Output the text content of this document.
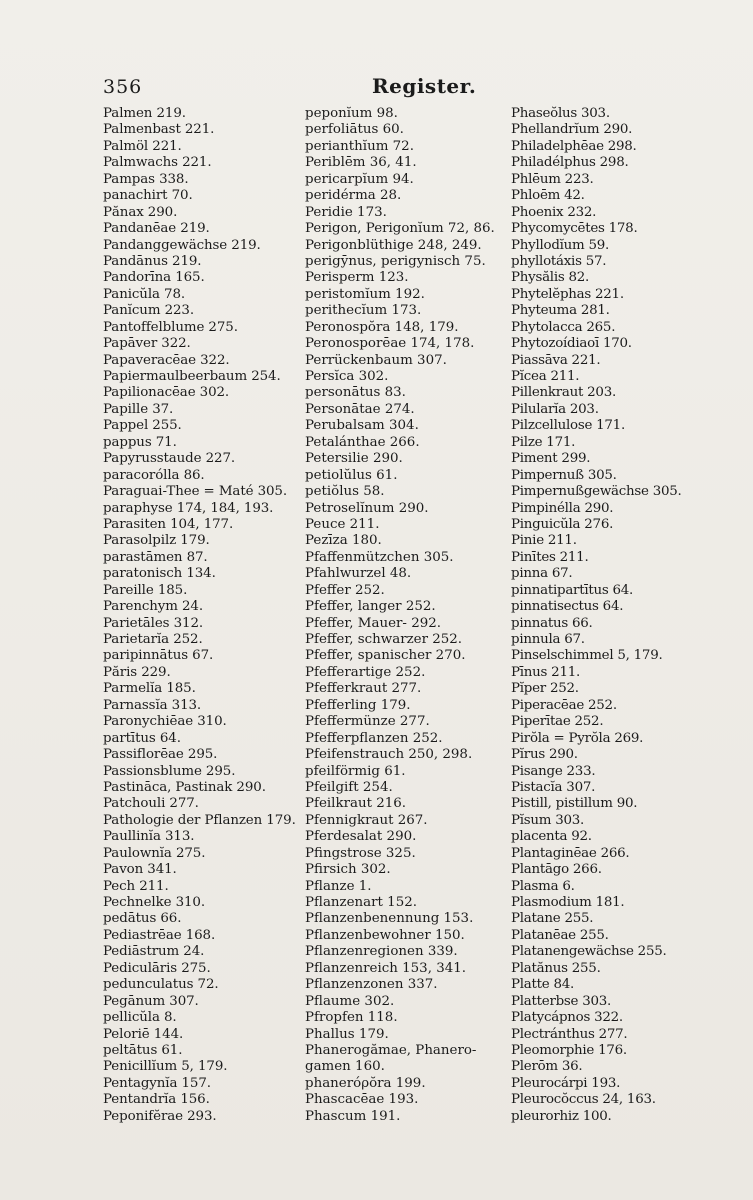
356	Register.
Palmen 219.
Palmenbast 221.
Palmöl 221.
Palmwachs 221.
Pampas 338.
panachirt 70.
Pănax 290.
Pandanēae 219.
Pandanggewächse 219.
Pandānus 219.
Pandorīna 165.
Panicŭla 78.
Panĭcum 223.
Pantoffelblume 275.
Papāver 322.
Papaveracēae 322.
Papiermaulbeerbaum 254.
Papilionacēae 302.
Papille 37.
Pappel 255.
pappus 71.
Papyrusstaude 227.
paracorólla 86.
Paraguai-Thee = Maté 305.
paraphyse 174, 184, 193.
Parasiten 104, 177.
Parasolpilz 179.
parastāmen 87.
paratonisch 134.
Pareille 185.
Parenchym 24.
Parietāles 312.
Parietarĭa 252.
paripinnātus 67.
Păris 229.
Parmelĭa 185.
Parnassĭa 313.
Paronychiēae 310.
partītus 64.
Passiflorēae 295.
Passionsblume 295.
Pastināca, Pastinak 290.
Patchouli 277.
Pathologie der Pflanzen 179.
Paullinĭa 313.
Paulownĭa 275.
Pavon 341.
Pech 211.
Pechnelke 310.
pedātus 66.
Pediastrēae 168.
Pediāstrum 24.
Pediculāris 275.
pedunculatus 72.
Pegānum 307.
pellicŭla 8.
Peloriē 144.
peltātus 61.
Penicillĭum 5, 179.
Pentagynĭa 157.
Pentandrĭa 156.
Peponifĕrae 293.
peponĭum 98.
perfoliātus 60.
perianthĭum 72.
Periblēm 36, 41.
pericarpĭum 94.
peridérma 28.
Peridie 173.
Perigon, Perigonĭum 72, 86.
Perigonblüthige 248, 249.
perigȳnus, perigynisch 75.
Perisperm 123.
peristomĭum 192.
perithecĭum 173.
Peronospŏra 148, 179.
Peronosporēae 174, 178.
Perrückenbaum 307.
Persĭca 302.
personātus 83.
Personātae 274.
Perubalsam 304.
Petalánthae 266.
Petersilie 290.
petiolŭlus 61.
petiŏlus 58.
Petroselĭnum 290.
Peuce 211.
Pezīza 180.
Pfaffenmützchen 305.
Pfahlwurzel 48.
Pfeffer 252.
Pfeffer, langer 252.
Pfeffer, Mauer- 292.
Pfeffer, schwarzer 252.
Pfeffer, spanischer 270.
Pfefferartige 252.
Pfefferkraut 277.
Pfefferling 179.
Pfeffermünze 277.
Pfefferpflanzen 252.
Pfeifenstrauch 250, 298.
pfeilförmig 61.
Pfeilgift 254.
Pfeilkraut 216.
Pfennigkraut 267.
Pferdesalat 290.
Pfingstrose 325.
Pfirsich 302.
Pflanze 1.
Pflanzenart 152.
Pflanzenbenennung 153.
Pflanzenbewohner 150.
Pflanzenregionen 339.
Pflanzenreich 153, 341.
Pflanzenzonen 337.
Pflaume 302.
Pfropfen 118.
Phallus 179.
Phanerogămae, Phanero-
gamen 160.
phaneróρŏra 199.
Phascacēae 193.
Phascum 191.
Phaseŏlus 303.
Phellandrĭum 290.
Philadelphēae 298.
Philadélphus 298.
Phlēum 223.
Phloēm 42.
Phoenix 232.
Phycomycētes 178.
Phyllodĭum 59.
phyllotáxis 57.
Physălis 82.
Phytelĕphas 221.
Phyteuma 281.
Phytolacca 265.
Phytozoídiaoī 170.
Piassāva 221.
Pĭcea 211.
Pillenkraut 203.
Pilularĭa 203.
Pilzcellulose 171.
Pilze 171.
Piment 299.
Pimpernuß 305.
Pimpernußgewächse 305.
Pimpinélla 290.
Pinguicŭla 276.
Pinie 211.
Pinītes 211.
pinna 67.
pinnatipartītus 64.
pinnatisectus 64.
pinnatus 66.
pinnula 67.
Pinselschimmel 5, 179.
Pīnus 211.
Pĭper 252.
Piperacēae 252.
Piperītae 252.
Pirŏla = Pyrŏla 269.
Pĭrus 290.
Pisange 233.
Pistacĭa 307.
Pistill, pistillum 90.
Pĭsum 303.
placenta 92.
Plantaginēae 266.
Plantāgo 266.
Plasma 6.
Plasmodium 181.
Platane 255.
Platanēae 255.
Platanengewächse 255.
Platănus 255.
Platte 84.
Platterbse 303.
Platycápnos 322.
Plectránthus 277.
Pleomorphie 176.
Plerōm 36.
Pleurocárpi 193.
Pleurocŏccus 24, 163.
pleurorhiz 100.
